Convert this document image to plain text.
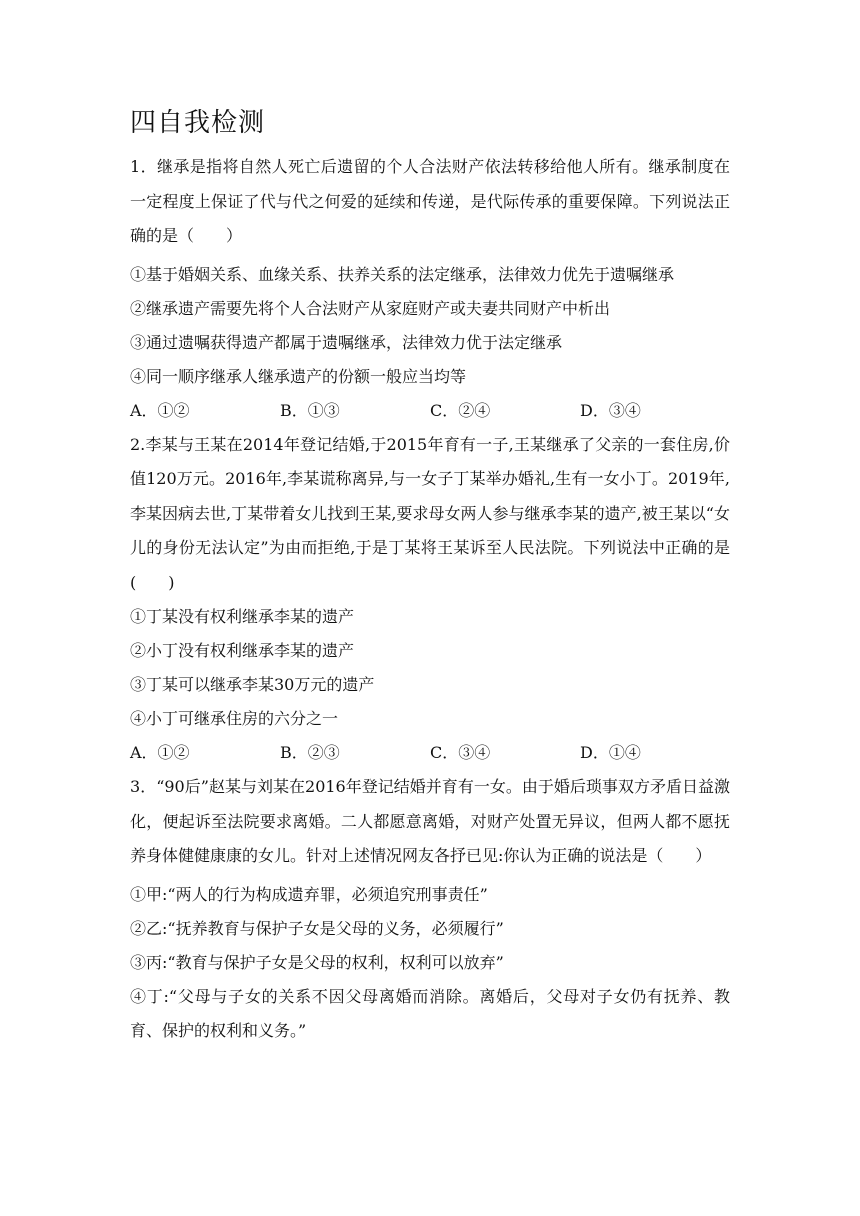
四自我检测

1．继承是指将自然人死亡后遗留的个人合法财产依法转移给他人所有。继承制度在一定程度上保证了代与代之何爱的延续和传递，是代际传承的重要保障。下列说法正确的是（　　）

①基于婚姻关系、血缘关系、扶养关系的法定继承，法律效力优先于遗嘱继承

②继承遗产需要先将个人合法财产从家庭财产或夫妻共同财产中析出

③通过遗嘱获得遗产都属于遗嘱继承，法律效力优于法定继承

④同一顺序继承人继承遗产的份额一般应当均等

A．①②	B．①③	C．②④	D．③④

2.李某与王某在2014年登记结婚,于2015年育有一子,王某继承了父亲的一套住房,价值120万元。2016年,李某谎称离异,与一女子丁某举办婚礼,生有一女小丁。2019年,李某因病去世,丁某带着女儿找到王某,要求母女两人参与继承李某的遗产,被王某以“女儿的身份无法认定”为由而拒绝,于是丁某将王某诉至人民法院。下列说法中正确的是(　　)

①丁某没有权利继承李某的遗产

②小丁没有权利继承李某的遗产

③丁某可以继承李某30万元的遗产

④小丁可继承住房的六分之一

A．①②	B．②③	C．③④	D．①④

3．“90后”赵某与刘某在2016年登记结婚并育有一女。由于婚后琐事双方矛盾日益激化，便起诉至法院要求离婚。二人都愿意离婚，对财产处置无异议，但两人都不愿抚养身体健健康康的女儿。针对上述情况网友各抒已见:你认为正确的说法是（　　）

①甲:“两人的行为构成遗弃罪，必须追究刑事责任”

②乙:“抚养教育与保护子女是父母的义务，必须履行”

③丙:“教育与保护子女是父母的权利，权利可以放弃”

④丁:“父母与子女的关系不因父母离婚而消除。离婚后，父母对子女仍有抚养、教育、保护的权利和义务。”
